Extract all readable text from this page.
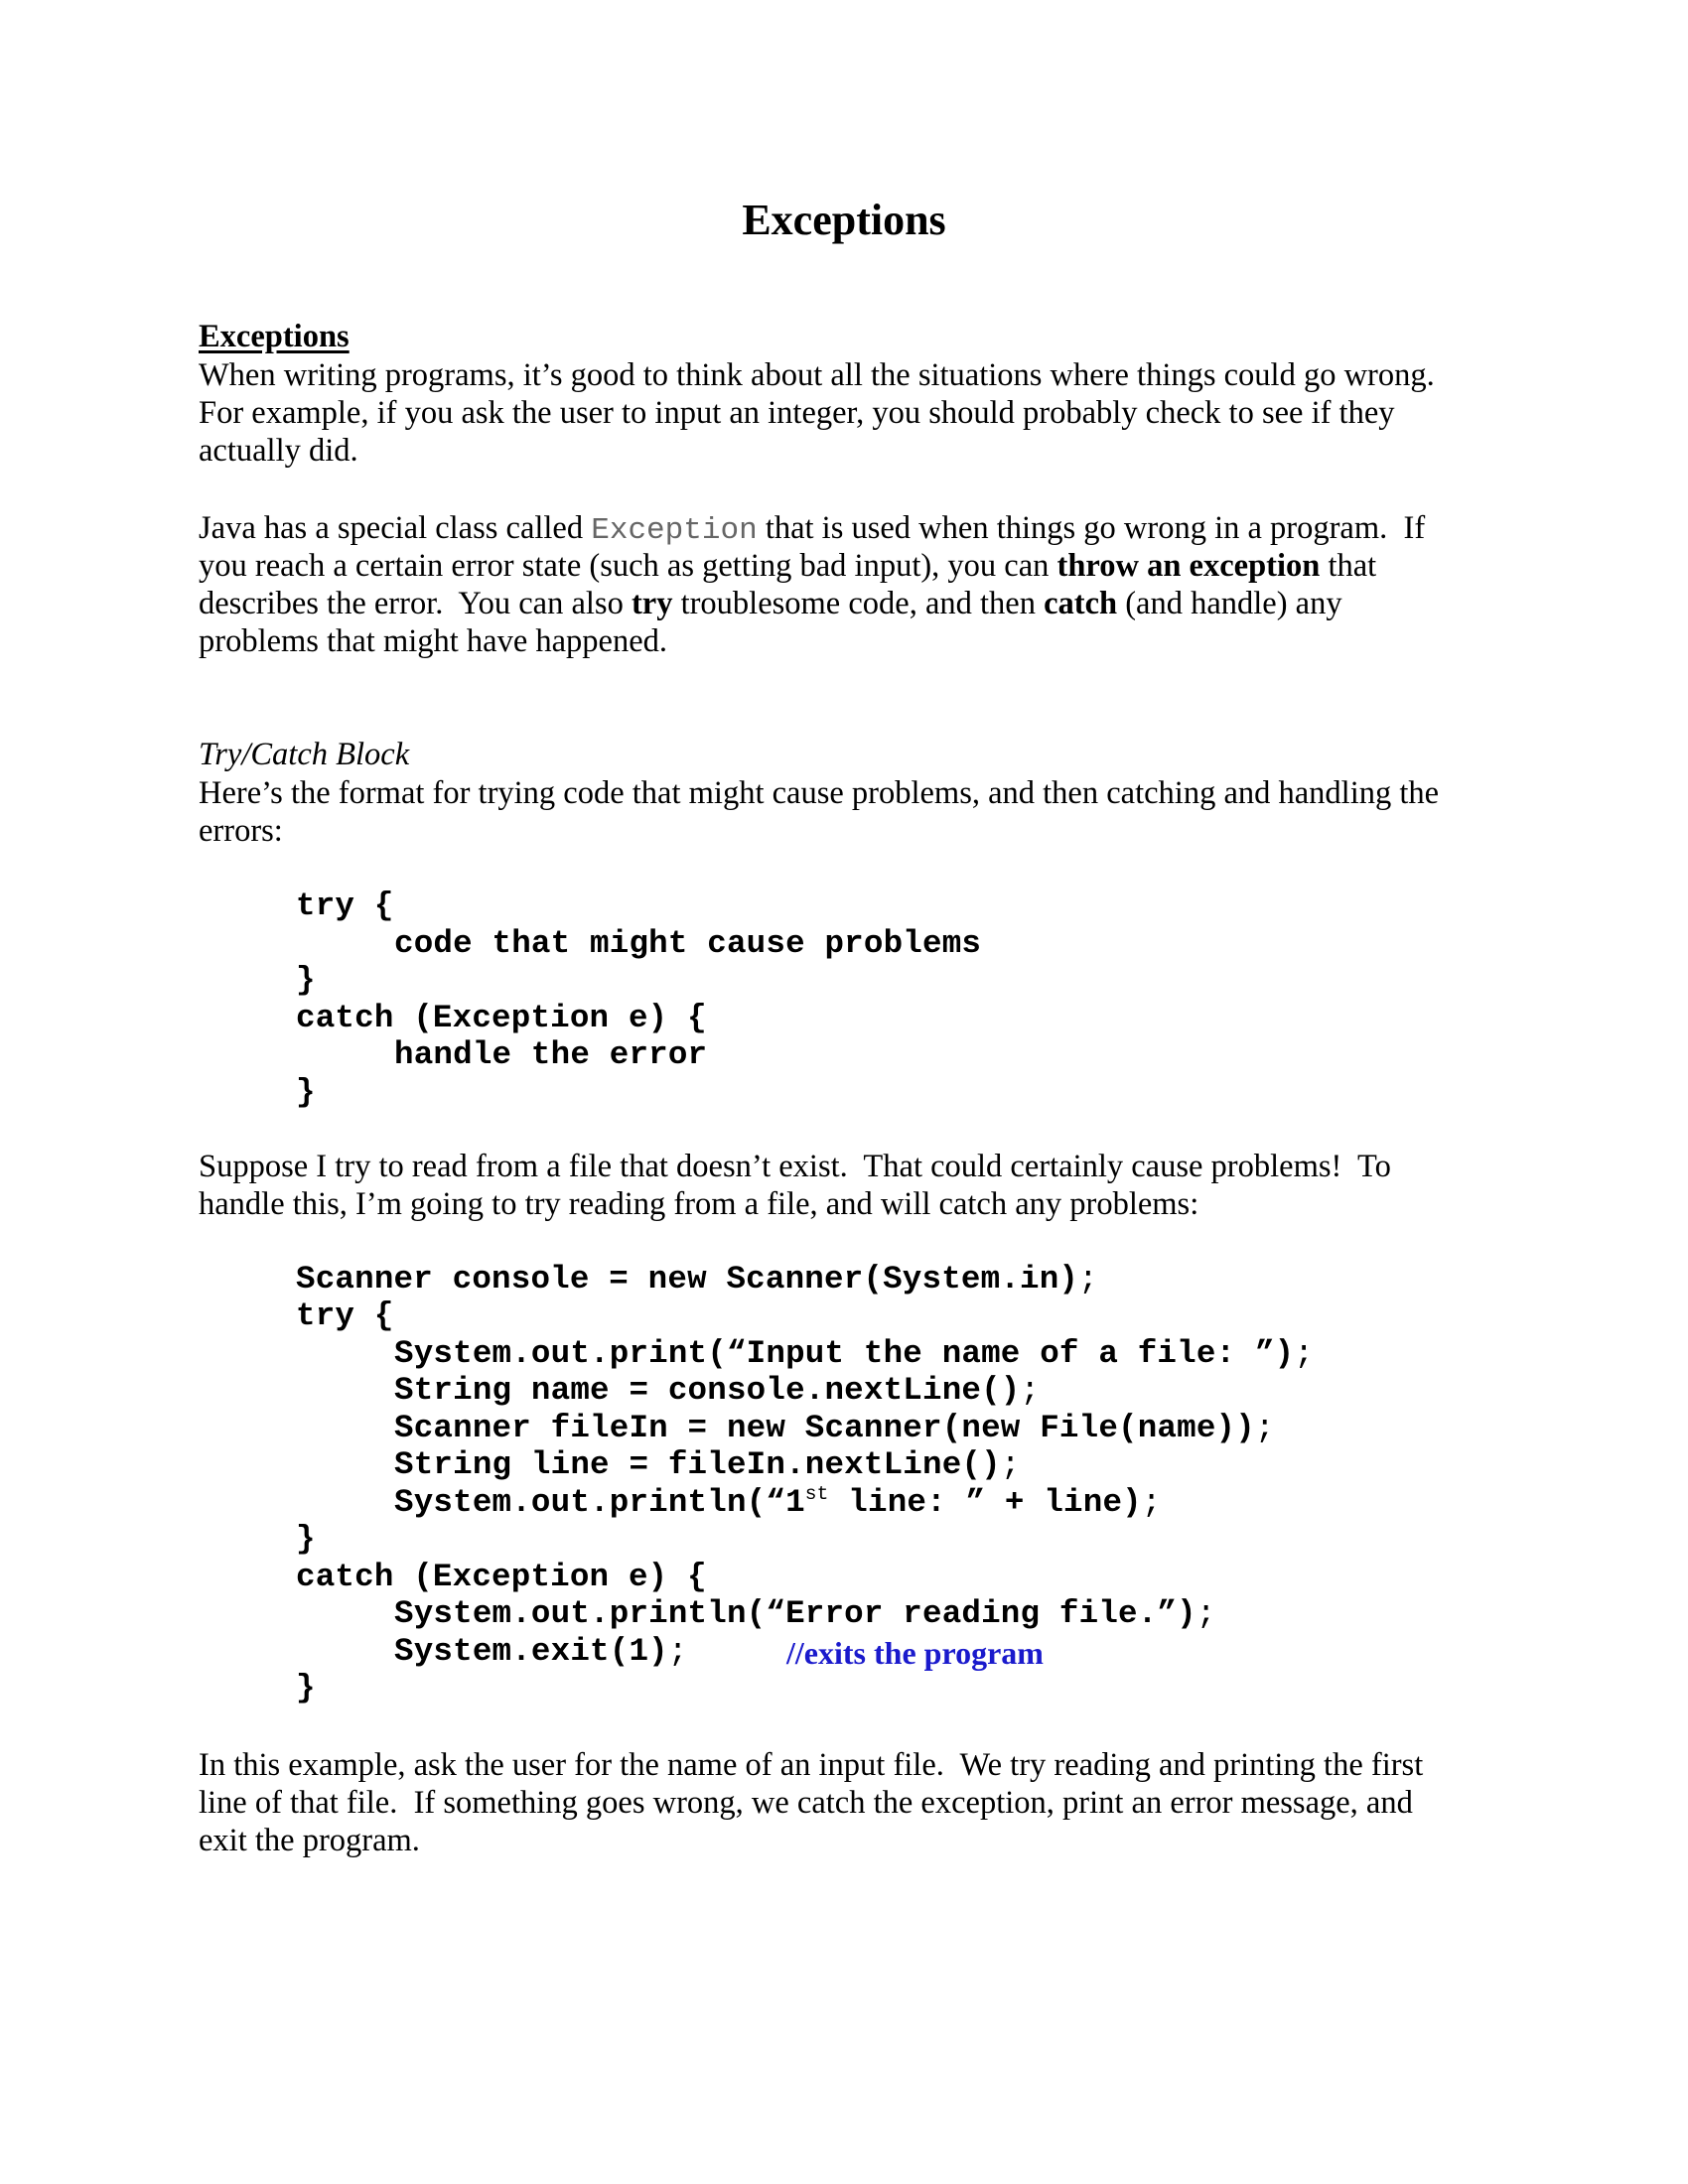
Exceptions
Exceptions
When writing programs, it’s good to think about all the situations where things could go wrong.
For example, if you ask the user to input an integer, you should probably check to see if they
actually did.
Java has a special class called Exception that is used when things go wrong in a program.  If
you reach a certain error state (such as getting bad input), you can throw an exception that
describes the error.  You can also try troublesome code, and then catch (and handle) any
problems that might have happened.
Try/Catch Block
Here’s the format for trying code that might cause problems, and then catching and handling the
errors:
try {
code that might cause problems
}
catch (Exception e) {
handle the error
}
Suppose I try to read from a file that doesn’t exist.  That could certainly cause problems!  To
handle this, I’m going to try reading from a file, and will catch any problems:
Scanner console = new Scanner(System.in);
try {
System.out.print(“Input the name of a file: ”);
String name = console.nextLine();
Scanner fileIn = new Scanner(new File(name));
String line = fileIn.nextLine();
System.out.println(“1st line: ” + line);
}
catch (Exception e) {
System.out.println(“Error reading file.”);
System.exit(1);	//exits the program
}
In this example, ask the user for the name of an input file.  We try reading and printing the first
line of that file.  If something goes wrong, we catch the exception, print an error message, and
exit the program.
